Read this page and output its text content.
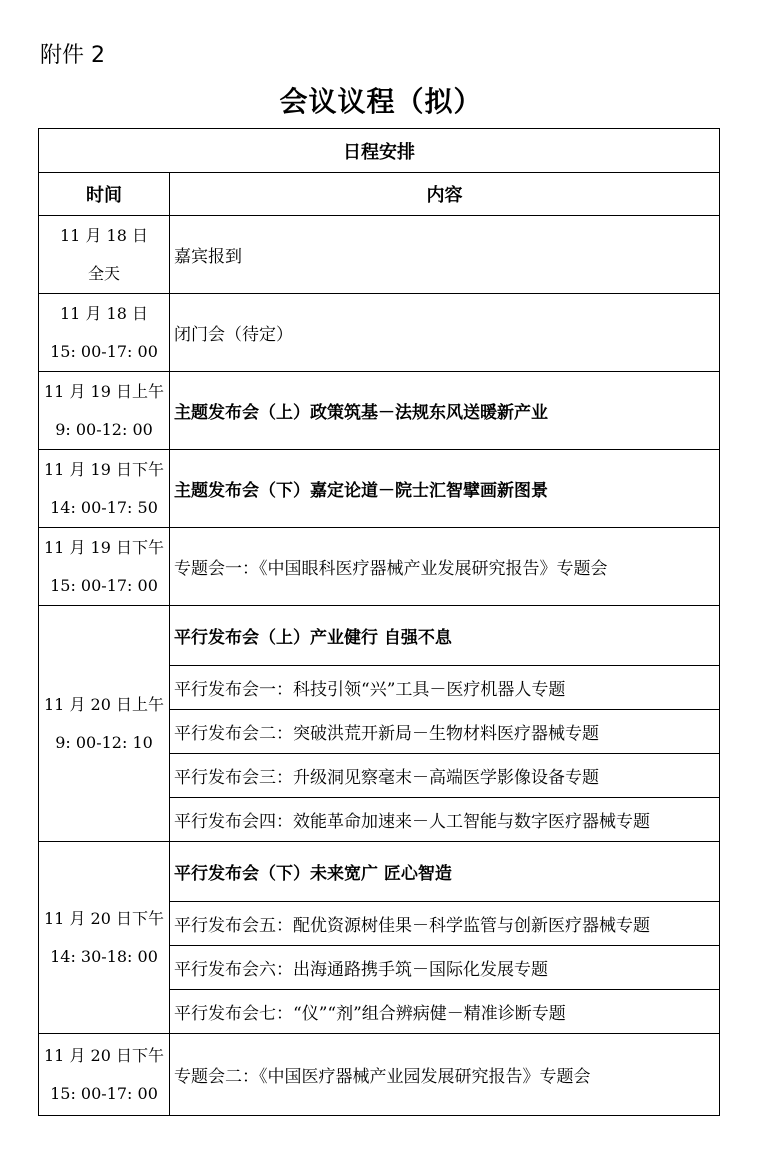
附件 2
会议议程（拟）
日程安排	
时间	内容

11 月 18 日
全天	嘉宾报到

11 月 18 日
15: 00-17: 00	闭门会（待定）

11 月 19 日上午
9: 00-12: 00	主题发布会（上）政策筑基－法规东风送暖新产业

11 月 19 日下午
14: 00-17: 50	主题发布会（下）嘉定论道－院士汇智擘画新图景

11 月 19 日下午
15: 00-17: 00	专题会一：《中国眼科医疗器械产业发展研究报告》专题会

11 月 20 日上午
9: 00-12: 10	平行发布会（上）产业健行 自强不息
	平行发布会一：科技引领“兴”工具－医疗机器人专题
	平行发布会二：突破洪荒开新局－生物材料医疗器械专题
	平行发布会三：升级洞见察毫末－高端医学影像设备专题
	平行发布会四：效能革命加速来－人工智能与数字医疗器械专题

11 月 20 日下午
14: 30-18: 00	平行发布会（下）未来宽广 匠心智造
	平行发布会五：配优资源树佳果－科学监管与创新医疗器械专题
	平行发布会六：出海通路携手筑－国际化发展专题
	平行发布会七：“仪”“剂”组合辨病健－精准诊断专题

11 月 20 日下午
15: 00-17: 00	专题会二：《中国医疗器械产业园发展研究报告》专题会
